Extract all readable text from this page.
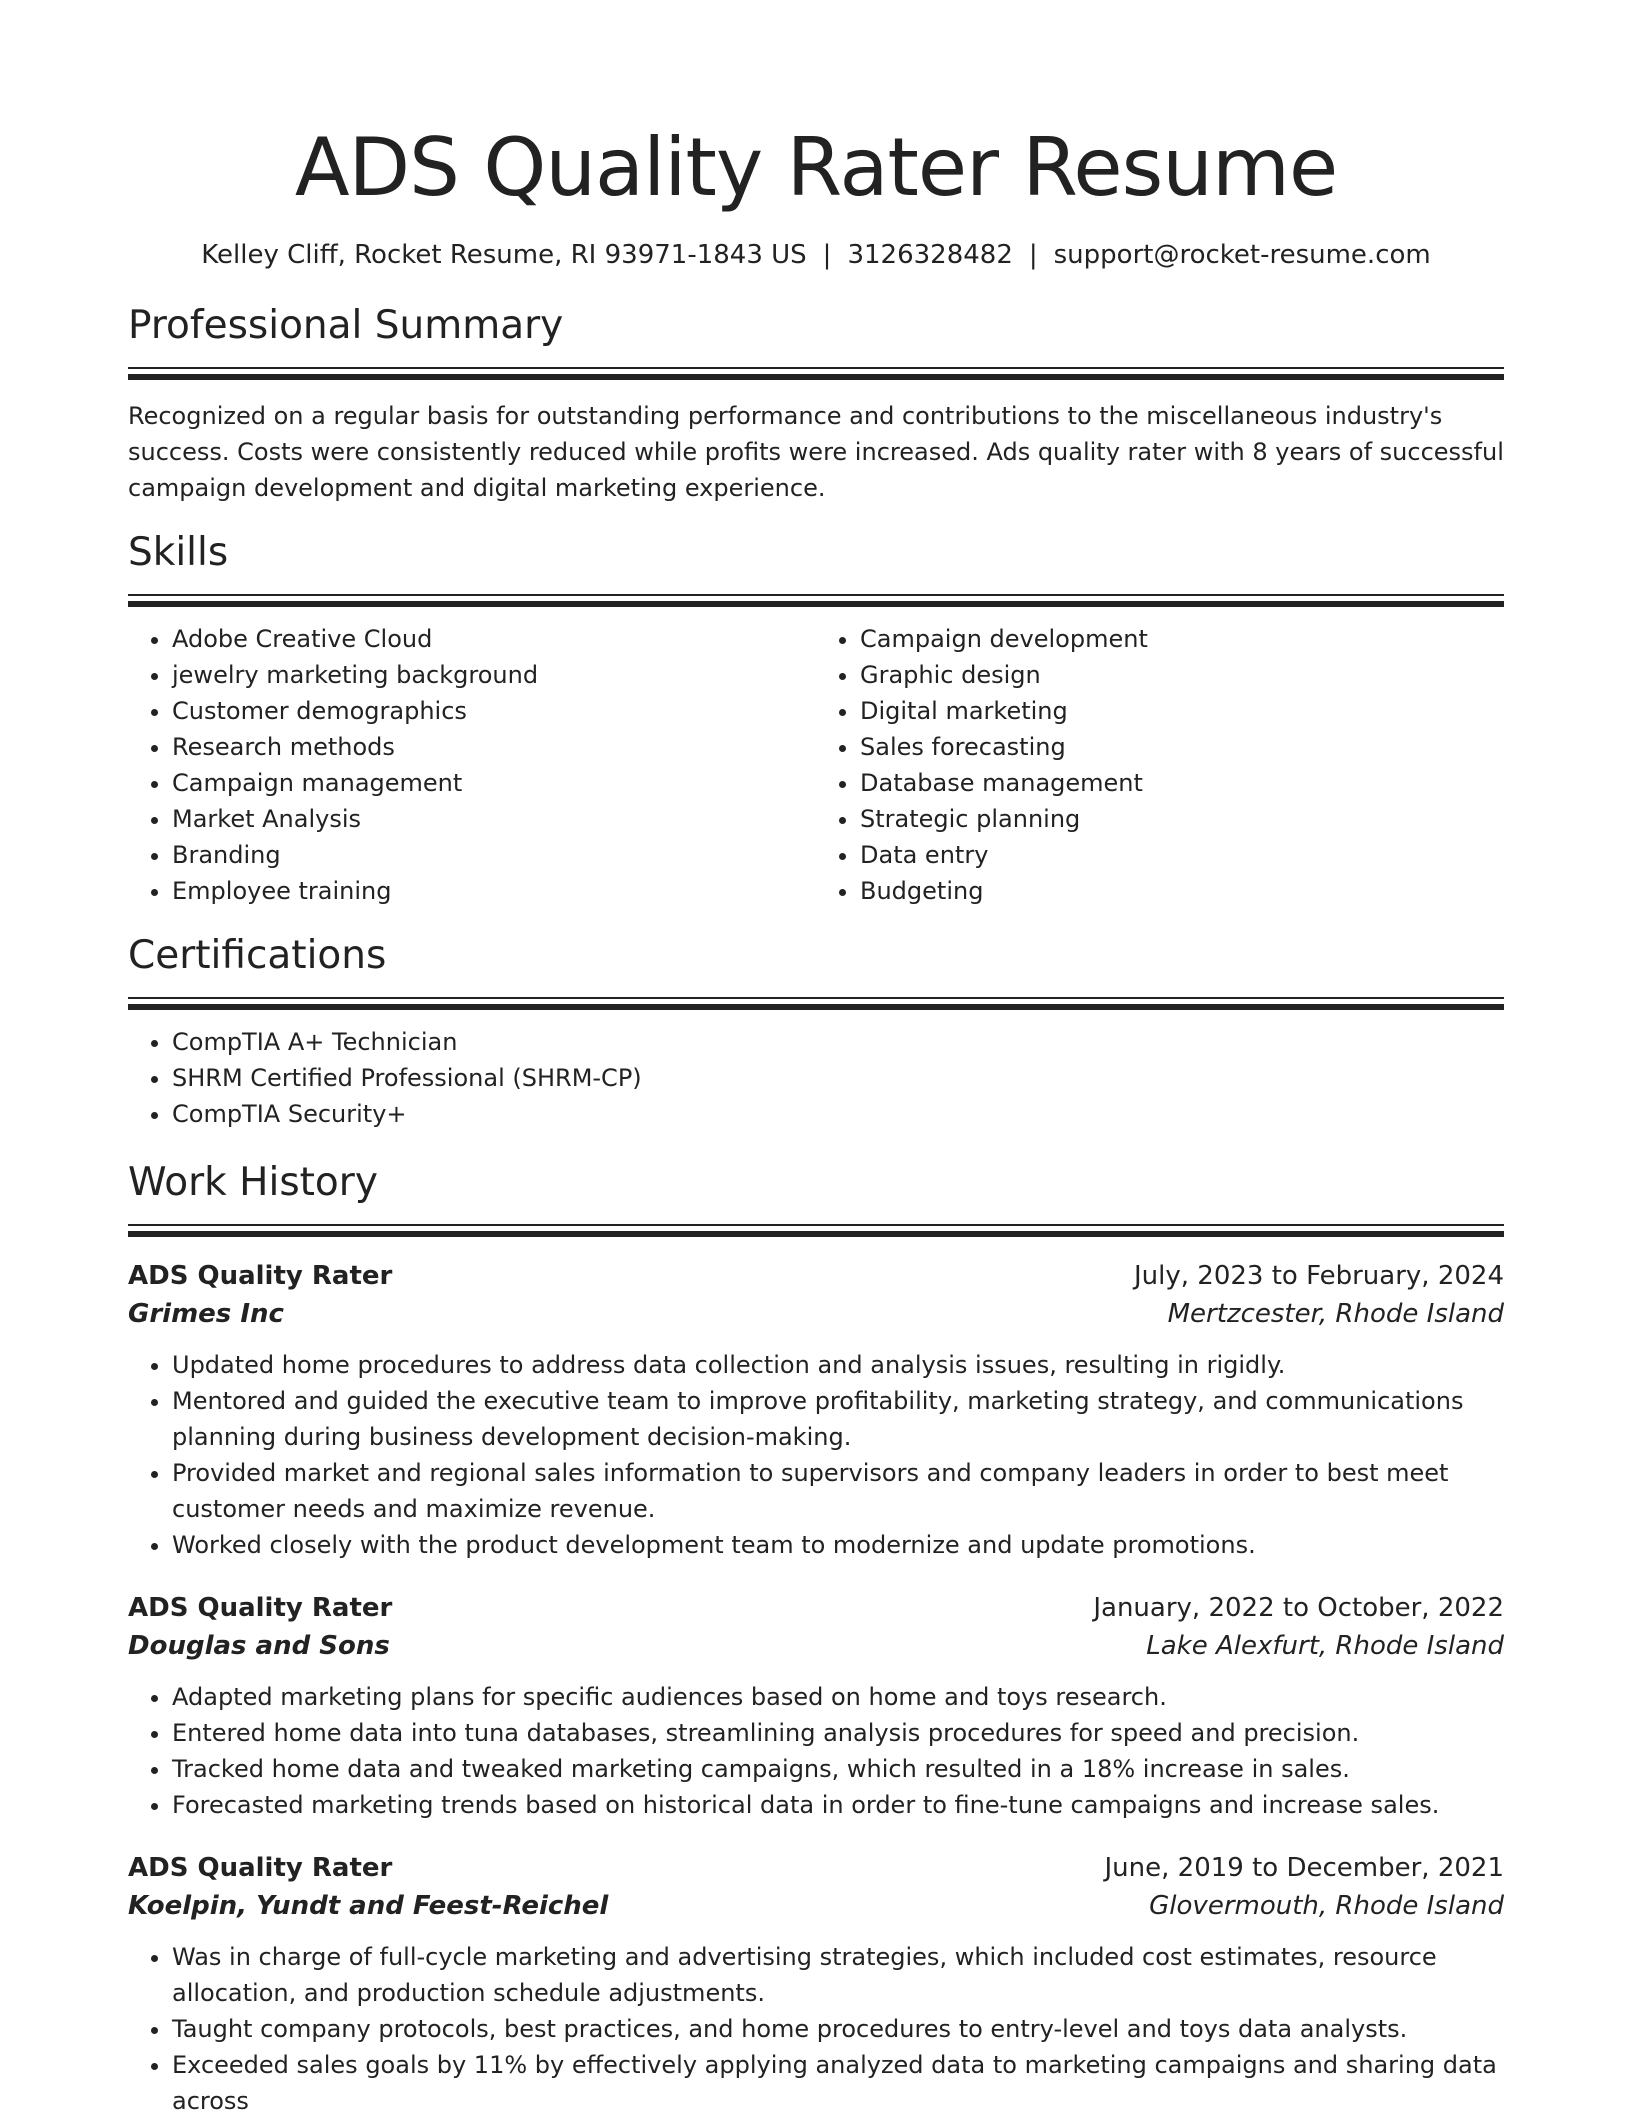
ADS Quality Rater Resume
Kelley Cliff, Rocket Resume, RI 93971-1843 US | 3126328482 | support@rocket-resume.com
Professional Summary
Recognized on a regular basis for outstanding performance and contributions to the miscellaneous industry's success. Costs were consistently reduced while profits were increased. Ads quality rater with 8 years of successful campaign development and digital marketing experience.
Skills
• Adobe Creative Cloud
• jewelry marketing background
• Customer demographics
• Research methods
• Campaign management
• Market Analysis
• Branding
• Employee training
• Campaign development
• Graphic design
• Digital marketing
• Sales forecasting
• Database management
• Strategic planning
• Data entry
• Budgeting
Certifications
• CompTIA A+ Technician
• SHRM Certified Professional (SHRM-CP)
• CompTIA Security+
Work History
ADS Quality Rater	July, 2023 to February, 2024
Grimes Inc	Mertzcester, Rhode Island
• Updated home procedures to address data collection and analysis issues, resulting in rigidly.
• Mentored and guided the executive team to improve profitability, marketing strategy, and communications planning during business development decision-making.
• Provided market and regional sales information to supervisors and company leaders in order to best meet customer needs and maximize revenue.
• Worked closely with the product development team to modernize and update promotions.
ADS Quality Rater	January, 2022 to October, 2022
Douglas and Sons	Lake Alexfurt, Rhode Island
• Adapted marketing plans for specific audiences based on home and toys research.
• Entered home data into tuna databases, streamlining analysis procedures for speed and precision.
• Tracked home data and tweaked marketing campaigns, which resulted in a 18% increase in sales.
• Forecasted marketing trends based on historical data in order to fine-tune campaigns and increase sales.
ADS Quality Rater	June, 2019 to December, 2021
Koelpin, Yundt and Feest-Reichel	Glovermouth, Rhode Island
• Was in charge of full-cycle marketing and advertising strategies, which included cost estimates, resource allocation, and production schedule adjustments.
• Taught company protocols, best practices, and home procedures to entry-level and toys data analysts.
• Exceeded sales goals by 11% by effectively applying analyzed data to marketing campaigns and sharing data across
